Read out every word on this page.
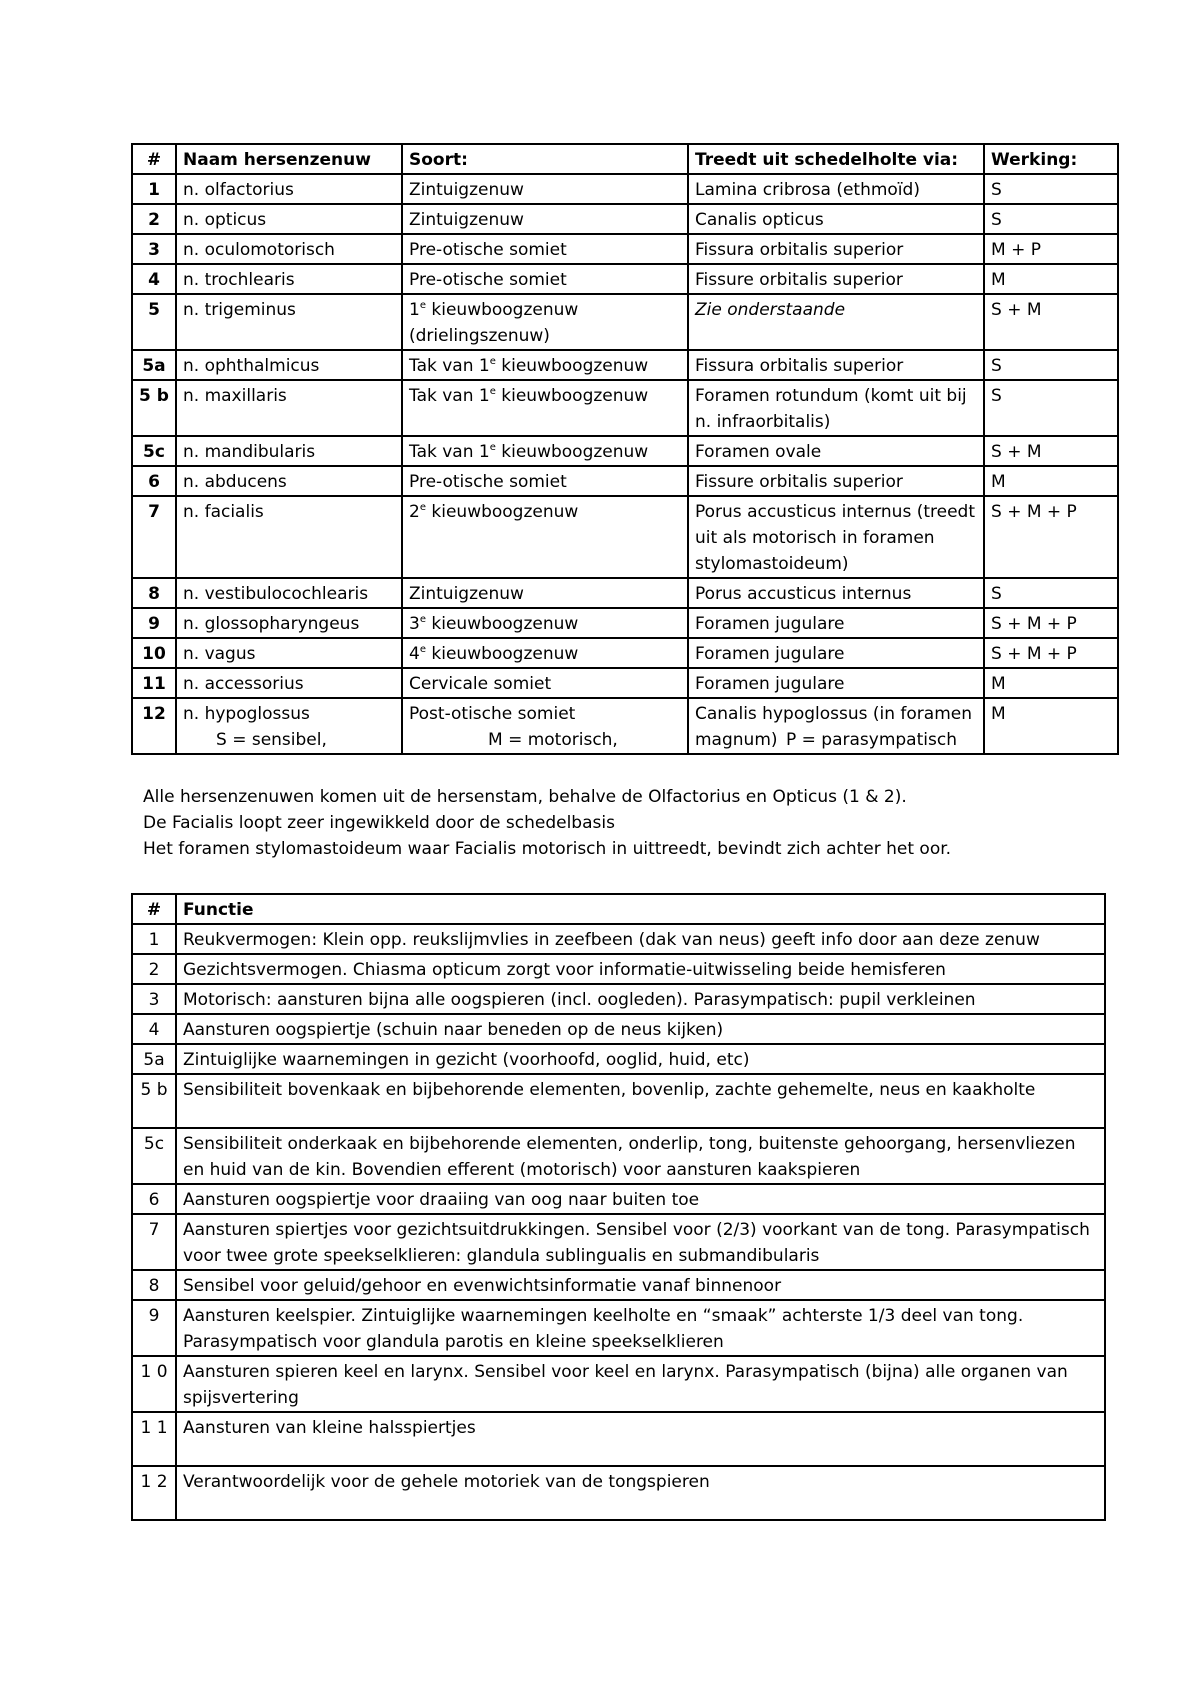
#	Naam hersenzenuw	Soort:	Treedt uit schedelholte via:	Werking:
1	n. olfactorius	Zintuigzenuw	Lamina cribrosa (ethmoïd)	S
2	n. opticus	Zintuigzenuw	Canalis opticus	S
3	n. oculomotorisch	Pre-otische somiet	Fissura orbitalis superior	M + P
4	n. trochlearis	Pre-otische somiet	Fissure orbitalis superior	M
5	n. trigeminus	1e kieuwboogzenuw (drielingszenuw)	Zie onderstaande	S + M
5a	n. ophthalmicus	Tak van 1e kieuwboogzenuw	Fissura orbitalis superior	S
5 b	n. maxillaris	Tak van 1e kieuwboogzenuw	Foramen rotundum (komt uit bij n. infraorbitalis)	S
5c	n. mandibularis	Tak van 1e kieuwboogzenuw	Foramen ovale	S + M
6	n. abducens	Pre-otische somiet	Fissure orbitalis superior	M
7	n. facialis	2e kieuwboogzenuw	Porus accusticus internus (treedt uit als motorisch in foramen stylomastoideum)	S + M + P
8	n. vestibulocochlearis	Zintuigzenuw	Porus accusticus internus	S
9	n. glossopharyngeus	3e kieuwboogzenuw	Foramen jugulare	S + M + P
10	n. vagus	4e kieuwboogzenuw	Foramen jugulare	S + M + P
11	n. accessorius	Cervicale somiet	Foramen jugulare	M
12	n. hypoglossus	Post-otische somiet	Canalis hypoglossus (in foramen magnum)	M
S = sensibel,	M = motorisch,	P = parasympatisch
Alle hersenzenuwen komen uit de hersenstam, behalve de Olfactorius en Opticus (1 & 2).
De Facialis loopt zeer ingewikkeld door de schedelbasis
Het foramen stylomastoideum waar Facialis motorisch in uittreedt, bevindt zich achter het oor.
#	Functie
1	Reukvermogen: Klein opp. reukslijmvlies in zeefbeen (dak van neus) geeft info door aan deze zenuw
2	Gezichtsvermogen. Chiasma opticum zorgt voor informatie-uitwisseling beide hemisferen
3	Motorisch: aansturen bijna alle oogspieren (incl. oogleden). Parasympatisch: pupil verkleinen
4	Aansturen oogspiertje (schuin naar beneden op de neus kijken)
5a	Zintuiglijke waarnemingen in gezicht (voorhoofd, ooglid, huid, etc)
5 b	Sensibiliteit bovenkaak en bijbehorende elementen, bovenlip, zachte gehemelte, neus en kaakholte
5c	Sensibiliteit onderkaak en bijbehorende elementen, onderlip, tong, buitenste gehoorgang, hersenvliezen en huid van de kin. Bovendien efferent (motorisch) voor aansturen kaakspieren
6	Aansturen oogspiertje voor draaiing van oog naar buiten toe
7	Aansturen spiertjes voor gezichtsuitdrukkingen. Sensibel voor (2/3) voorkant van de tong. Parasympatisch voor twee grote speekselklieren: glandula sublingualis en submandibularis
8	Sensibel voor geluid/gehoor en evenwichtsinformatie vanaf binnenoor
9	Aansturen keelspier. Zintuiglijke waarnemingen keelholte en “smaak” achterste 1/3 deel van tong. Parasympatisch voor glandula parotis en kleine speekselklieren
1 0	Aansturen spieren keel en larynx. Sensibel voor keel en larynx. Parasympatisch (bijna) alle organen van spijsvertering
1 1	Aansturen van kleine halsspiertjes
1 2	Verantwoordelijk voor de gehele motoriek van de tongspieren
